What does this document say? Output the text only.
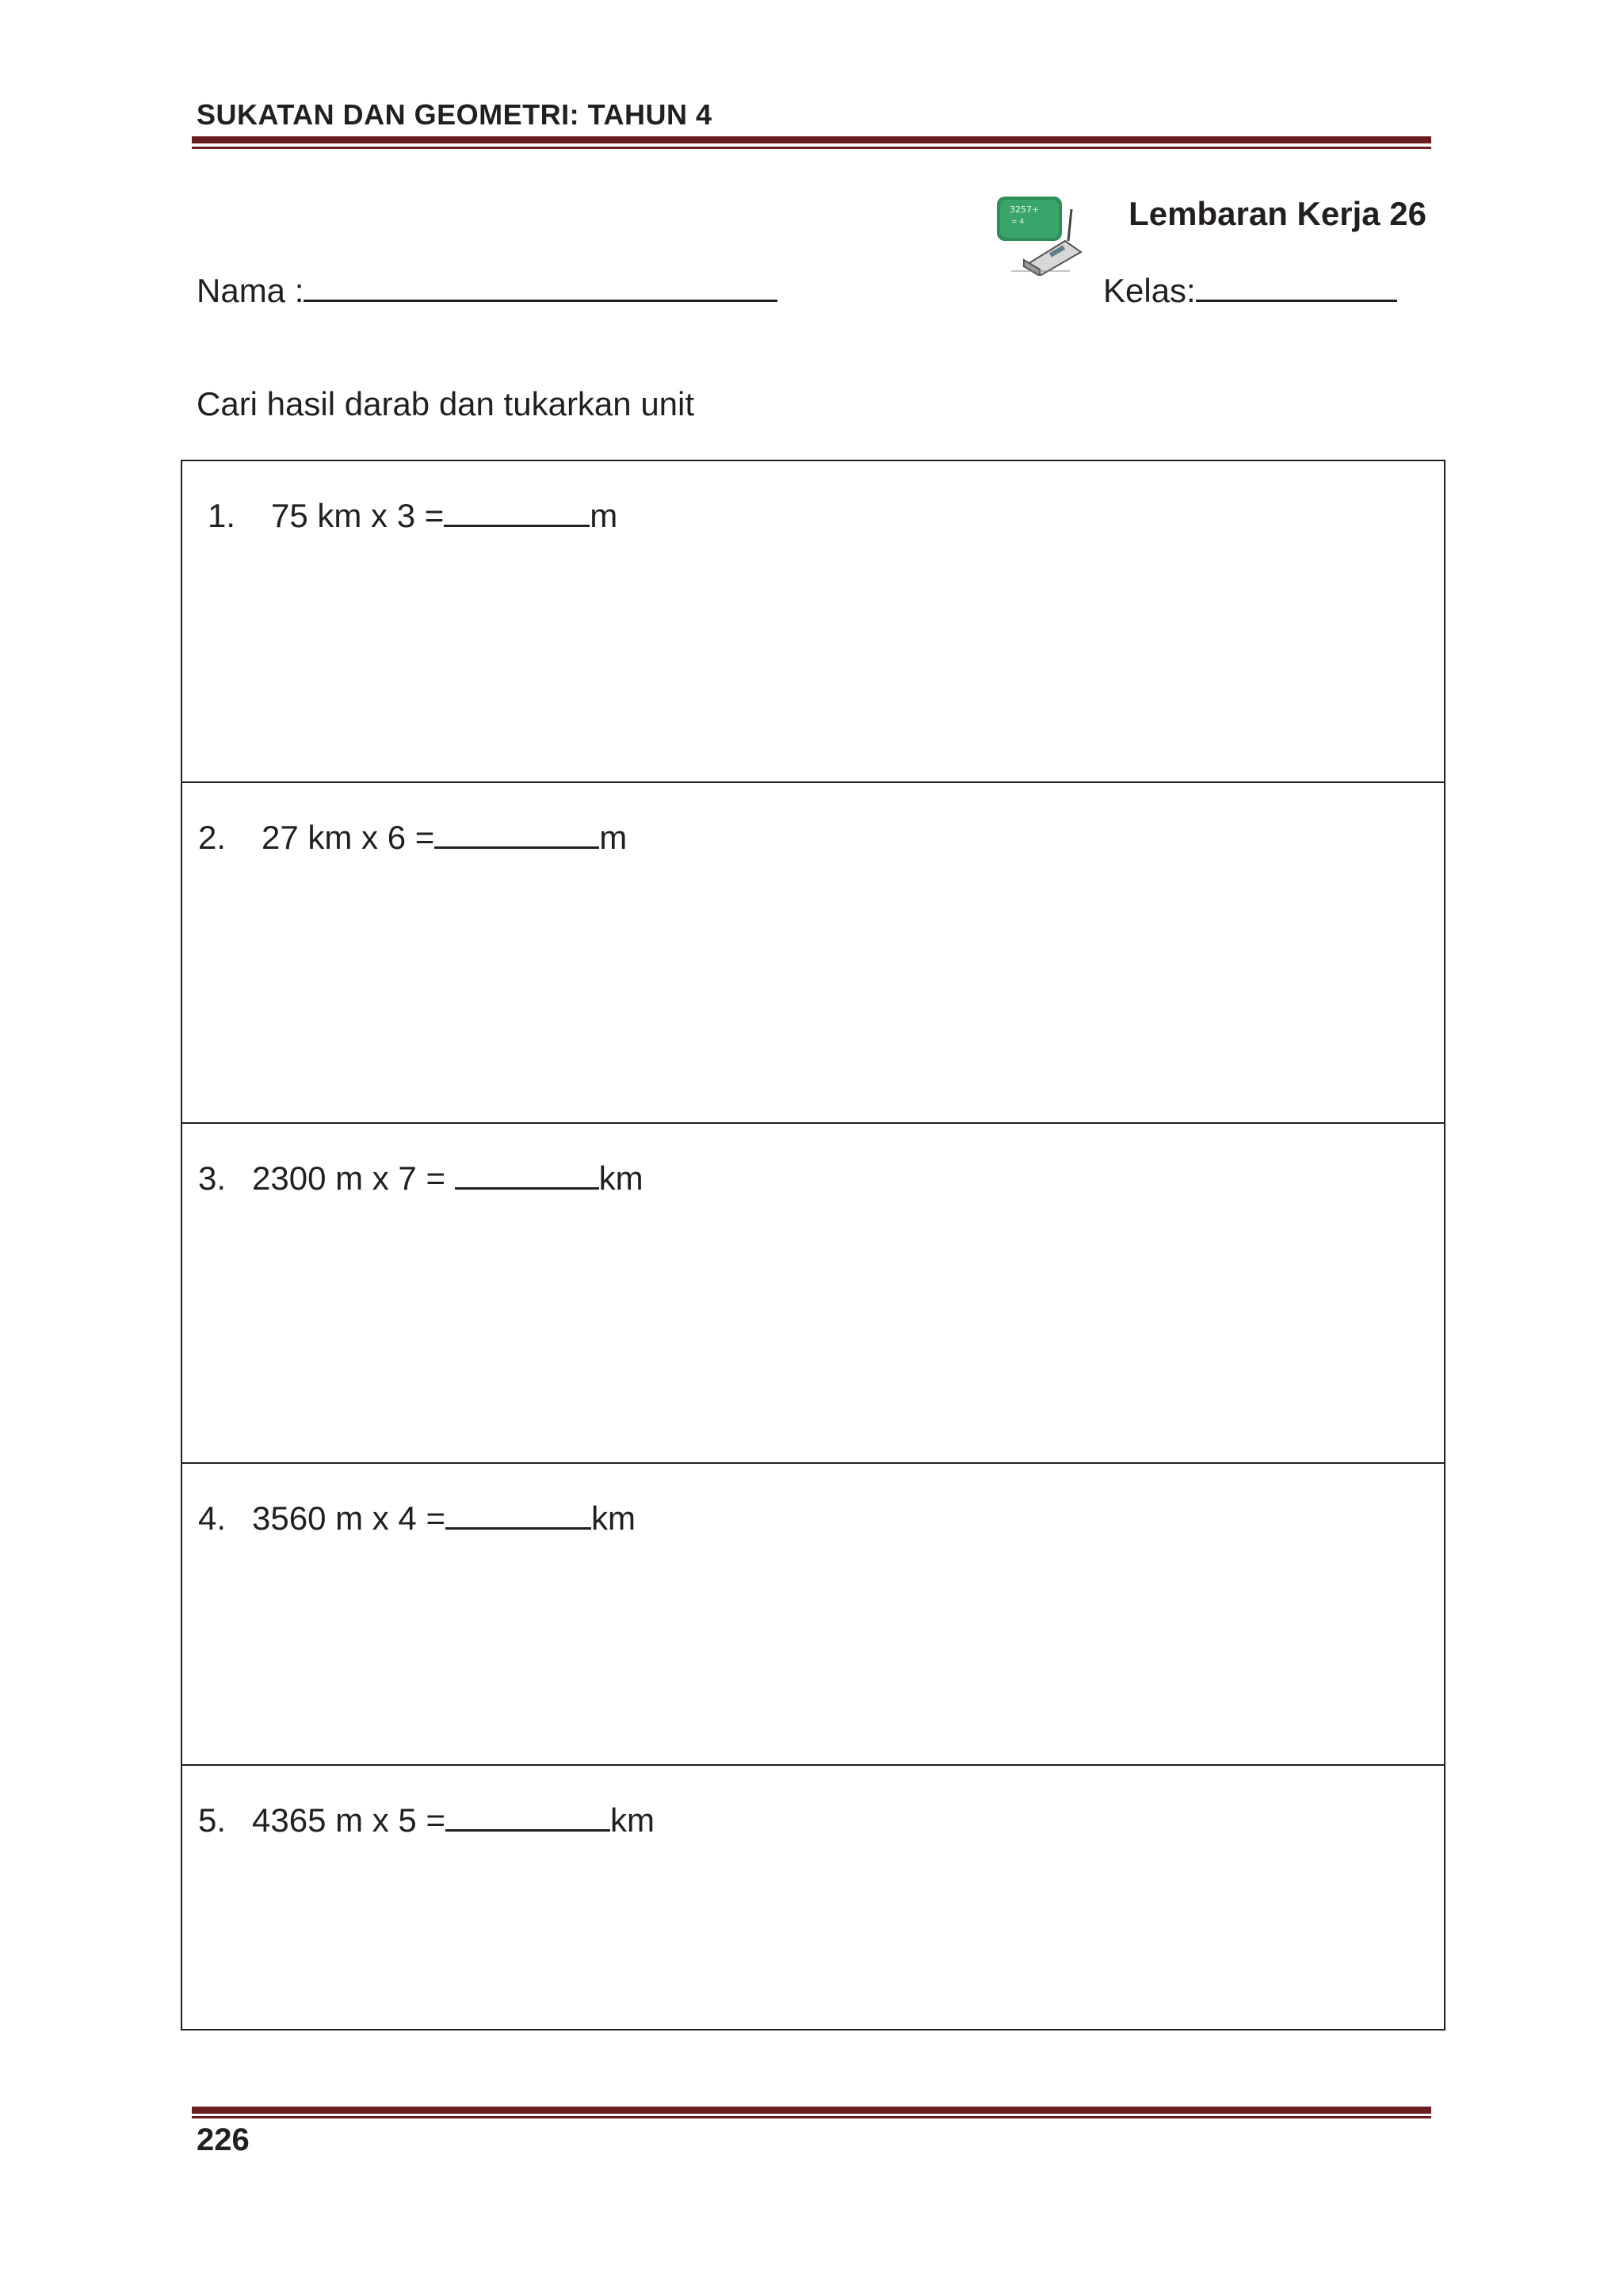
SUKATAN DAN GEOMETRI: TAHUN 4
3257+
= 4	Lembaran Kerja 26
Nama :	Kelas:
Cari hasil darab dan tukarkan unit
1. 75 km x 3 =	m
2. 27 km x 6 =	m
3. 2300 m x 7 =	km
4. 3560 m x 4 =	km
5. 4365 m x 5 =	km
226
